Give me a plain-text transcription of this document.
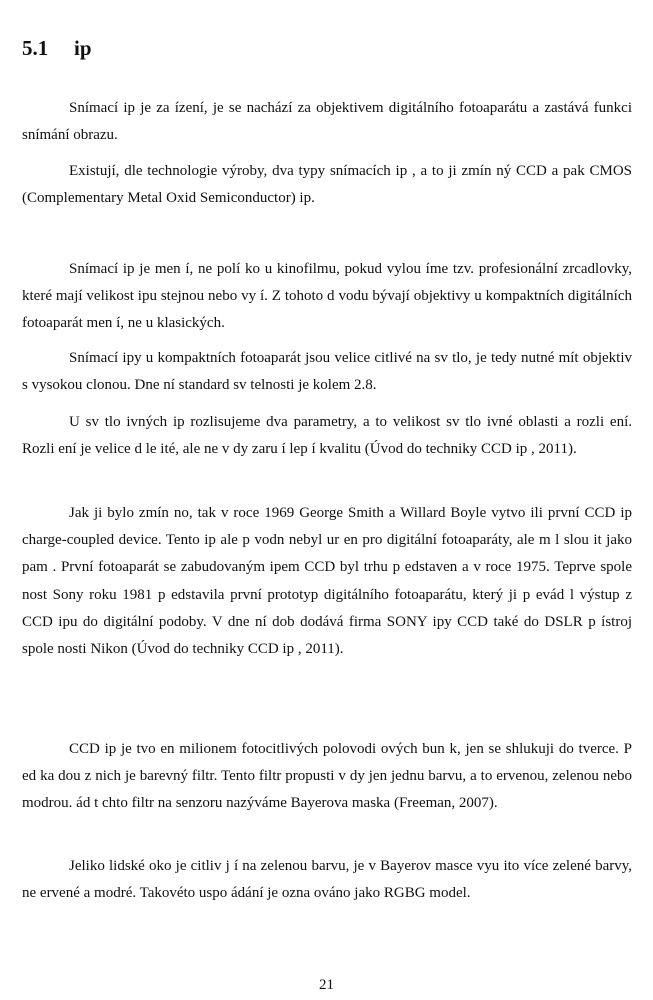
5.1 ip

Snímací ip je za ízení, je se nachází za objektivem digitálního fotoaparátu a zastává funkci snímání obrazu.

Existují, dle technologie výroby, dva typy snímacích ip , a to ji zmín ný CCD a pak CMOS (Complementary Metal Oxid Semiconductor) ip.

Snímací ip je men í, ne polí ko u kinofilmu, pokud vylou íme tzv. profesionální zrcadlovky, které mají velikost ipu stejnou nebo vy í. Z tohoto d vodu bývají objektivy u kompaktních digitálních fotoaparát men í, ne u klasických.

Snímací ipy u kompaktních fotoaparát jsou velice citlivé na sv tlo, je tedy nutné mít objektiv s vysokou clonou. Dne ní standard sv telnosti je kolem 2.8.

U sv tlo ivných ip rozlisujeme dva parametry, a to velikost sv tlo ivné oblasti a rozli ení. Rozli ení je velice d le ité, ale ne v dy zaru í lep í kvalitu (Úvod do techniky CCD ip , 2011).

Jak ji bylo zmín no, tak v roce 1969 George Smith a Willard Boyle vytvo ili první CCD ip charge-coupled device. Tento ip ale p vodn nebyl ur en pro digitální fotoaparáty, ale m l slou it jako pam . První fotoaparát se zabudovaným ipem CCD byl trhu p edstaven a v roce 1975. Teprve spole nost Sony roku 1981 p edstavila první prototyp digitálního fotoaparátu, který ji p evád l výstup z CCD ipu do digitální podoby. V dne ní dob dodává firma SONY ipy CCD také do DSLR p ístroj spole nosti Nikon (Úvod do techniky CCD ip , 2011).

CCD ip je tvo en milionem fotocitlivých polovodi ových bun k, jen se shlukuji do tverce. P ed ka dou z nich je barevný filtr. Tento filtr propusti v dy jen jednu barvu, a to ervenou, zelenou nebo modrou. ád t chto filtr na senzoru nazýváme Bayerova maska (Freeman, 2007).

Jeliko lidské oko je citliv j í na zelenou barvu, je v Bayerov masce vyu ito více zelené barvy, ne ervené a modré. Takovéto uspo ádání je ozna ováno jako RGBG model.

21
